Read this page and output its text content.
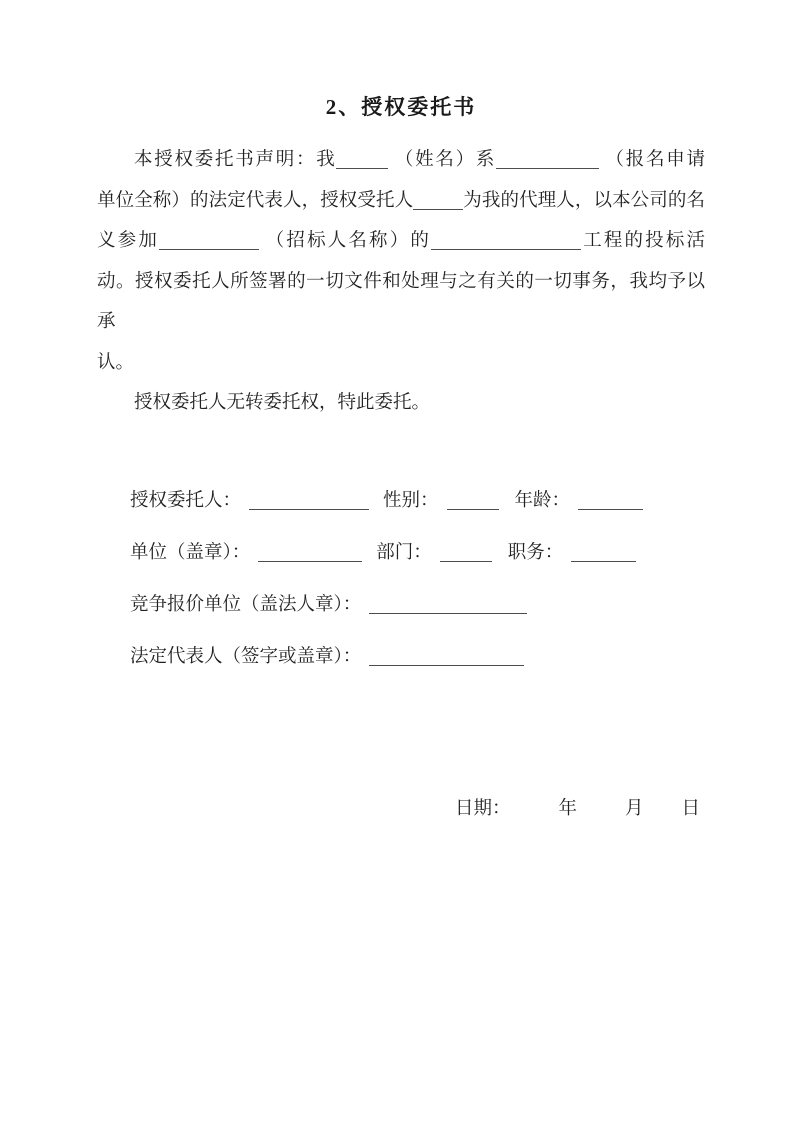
2、授权委托书
本授权委托书声明：我	（姓名）系	（报名申请
单位全称）的法定代表人，授权受托人	为我的代理人，以本公司的名
义参加	（招标人名称）的	工程的投标活
动。授权委托人所签署的一切文件和处理与之有关的一切事务，我均予以承
认。
授权委托人无转委托权，特此委托。
授权委托人：	性别：	年龄：
单位（盖章）：	部门：	职务：
竞争报价单位（盖法人章）：
法定代表人（签字或盖章）：
日期：	年	月 日
